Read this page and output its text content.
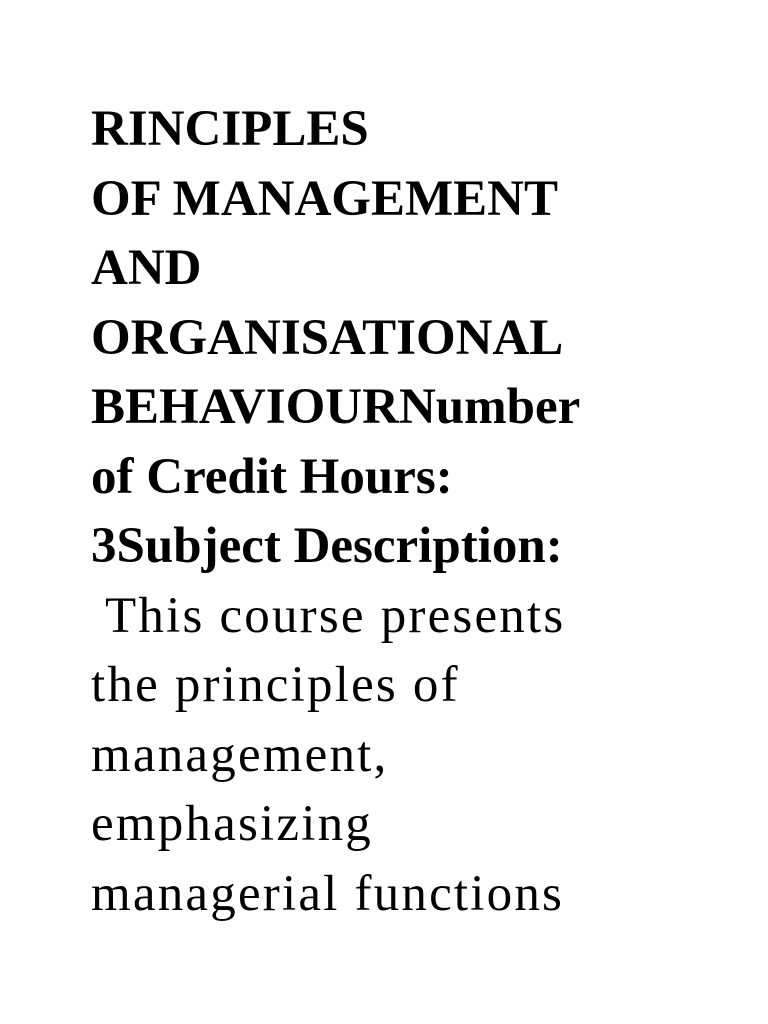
RINCIPLES
OF MANAGEMENT
AND
ORGANISATIONAL
BEHAVIOURNumber
of Credit Hours:
3Subject Description:
This course presents
the principles of
management,
emphasizing
managerial functions
